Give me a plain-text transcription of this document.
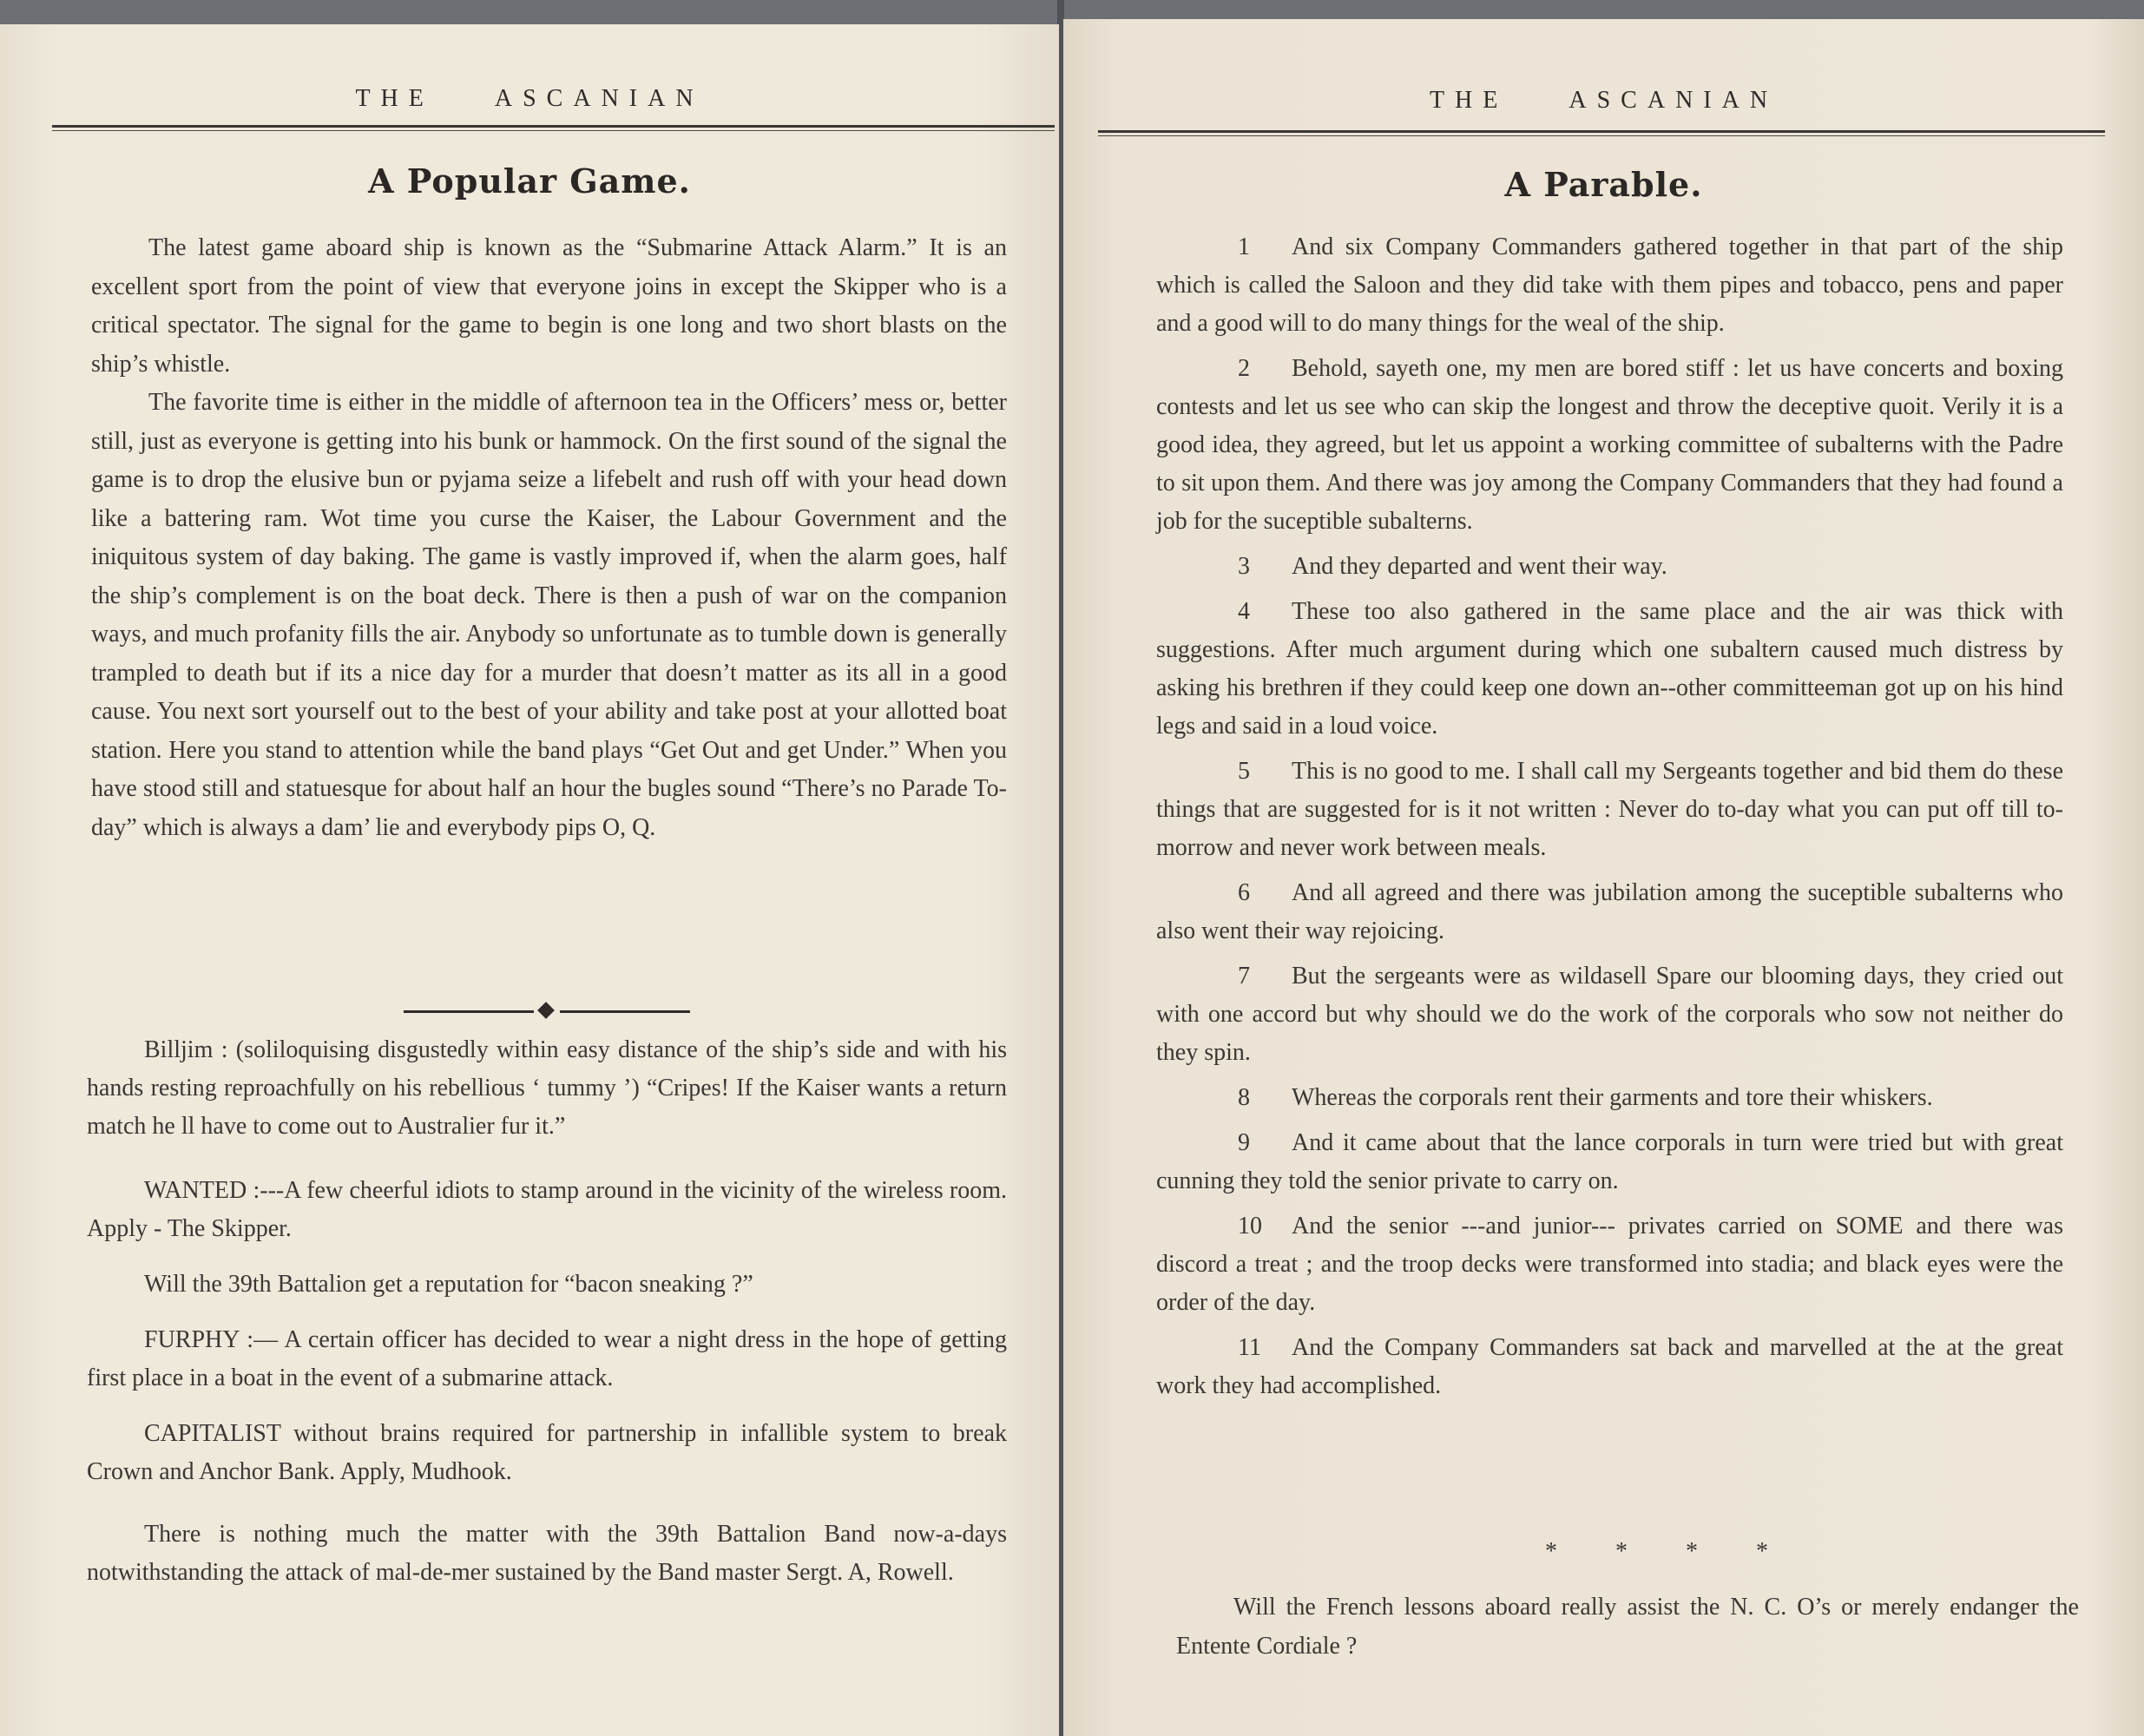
THE	ASCANIAN
A Popular Game.

The latest game aboard ship is known as the “Submarine Attack Alarm.” It is an excellent sport from the point of view that everyone joins in except the Skipper who is a critical spectator. The signal for the game to begin is one long and two short blasts on the ship’s whistle.

The favorite time is either in the middle of afternoon tea in the Officers’ mess or, better still, just as everyone is getting into his bunk or hammock. On the first sound of the signal the game is to drop the elusive bun or pyjama seize a lifebelt and rush off with your head down like a battering ram. Wot time you curse the Kaiser, the Labour Government and the iniquitous system of day baking. The game is vastly improved if, when the alarm goes, half the ship’s complement is on the boat deck. There is then a push of war on the companion ways, and much profanity fills the air. Anybody so unfortunate as to tumble down is generally trampled to death but if its a nice day for a murder that doesn’t matter as its all in a good cause. You next sort yourself out to the best of your ability and take post at your allotted boat station. Here you stand to attention while the band plays “Get Out and get Under.” When you have stood still and statuesque for about half an hour the bugles sound “There’s no Parade To-day” which is always a dam’ lie and everybody pips O, Q.

Billjim : (soliloquising disgustedly within easy distance of the ship’s side and with his hands resting reproachfully on his rebellious ‘ tummy ’) “Cripes! If the Kaiser wants a return match he ll have to come out to Australier fur it.”

WANTED :---A few cheerful idiots to stamp around in the vicinity of the wireless room. Apply - The Skipper.

Will the 39th Battalion get a reputation for “bacon sneaking ?”

FURPHY :— A certain officer has decided to wear a night dress in the hope of getting first place in a boat in the event of a submarine attack.

CAPITALIST without brains required for partnership in infallible system to break Crown and Anchor Bank. Apply, Mudhook.

There is nothing much the matter with the 39th Battalion Band now-a-days notwithstanding the attack of mal-de-mer sustained by the Band master Sergt. A, Rowell.

THE	ASCANIAN
A Parable.

1 And six Company Commanders gathered together in that part of the ship which is called the Saloon and they did take with them pipes and tobacco, pens and paper and a good will to do many things for the weal of the ship.

2 Behold, sayeth one, my men are bored stiff : let us have concerts and boxing contests and let us see who can skip the longest and throw the deceptive quoit. Verily it is a good idea, they agreed, but let us appoint a working committee of subalterns with the Padre to sit upon them. And there was joy among the Company Commanders that they had found a job for the suceptible subalterns.

3 And they departed and went their way.

4 These too also gathered in the same place and the air was thick with suggestions. After much argument during which one subaltern caused much distress by asking his brethren if they could keep one down an--other committeeman got up on his hind legs and said in a loud voice.

5 This is no good to me. I shall call my Sergeants together and bid them do these things that are suggested for is it not written : Never do to-day what you can put off till to-morrow and never work between meals.

6 And all agreed and there was jubilation among the suceptible subalterns who also went their way rejoicing.

7 But the sergeants were as wildasell Spare our blooming days, they cried out with one accord but why should we do the work of the corporals who sow not neither do they spin.

8 Whereas the corporals rent their garments and tore their whiskers.

9 And it came about that the lance corporals in turn were tried but with great cunning they told the senior private to carry on.

10 And the senior ---and junior--- privates carried on SOME and there was discord a treat ; and the troop decks were transformed into stadia; and black eyes were the order of the day.

11 And the Company Commanders sat back and marvelled at the at the great work they had accomplished.

* * * *

Will the French lessons aboard really assist the N. C. O’s or merely endanger the Entente Cordiale ?
